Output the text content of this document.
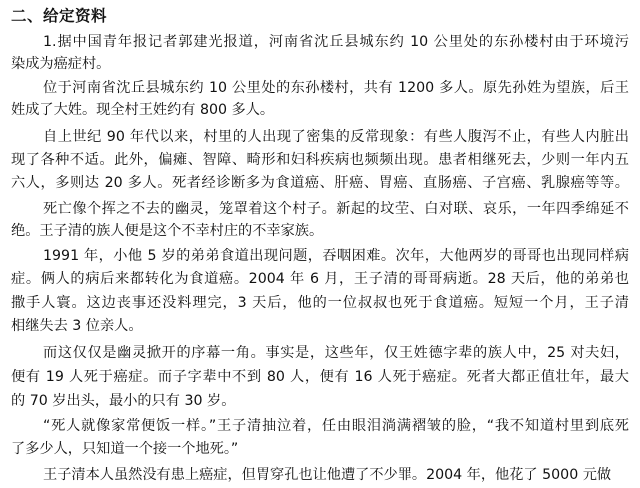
二、给定资料
1.据中国青年报记者郭建光报道，河南省沈丘县城东约 10 公里处的东孙楼村由于环境污
染成为癌症村。
位于河南省沈丘县城东约 10 公里处的东孙楼村，共有 1200 多人。原先孙姓为望族，后王
姓成了大姓。现全村王姓约有 800 多人。
自上世纪 90 年代以来，村里的人出现了密集的反常现象：有些人腹泻不止，有些人内脏出
现了各种不适。此外，偏瘫、智障、畸形和妇科疾病也频频出现。患者相继死去，少则一年内五
六人，多则达 20 多人。死者经诊断多为食道癌、肝癌、胃癌、直肠癌、子宫癌、乳腺癌等等。
死亡像个挥之不去的幽灵，笼罩着这个村子。新起的坟茔、白对联、哀乐，一年四季绵延不
绝。王子清的族人便是这个不幸村庄的不幸家族。
1991 年，小他 5 岁的弟弟食道出现问题，吞咽困难。次年，大他两岁的哥哥也出现同样病
症。俩人的病后来都转化为食道癌。2004 年 6 月，王子清的哥哥病逝。28 天后，他的弟弟也
撒手人寰。这边丧事还没料理完，3 天后，他的一位叔叔也死于食道癌。短短一个月，王子清
相继失去 3 位亲人。
而这仅仅是幽灵掀开的序幕一角。事实是，这些年，仅王姓德字辈的族人中，25 对夫妇，
便有 19 人死于癌症。而子字辈中不到 80 人，便有 16 人死于癌症。死者大都正值壮年，最大
的 70 岁出头，最小的只有 30 岁。
“死人就像家常便饭一样。”王子清抽泣着，任由眼泪淌满褶皱的脸，“我不知道村里到底死
了多少人，只知道一个接一个地死。”
王子清本人虽然没有患上癌症，但胃穿孔也让他遭了不少罪。2004 年，他花了 5000 元做
